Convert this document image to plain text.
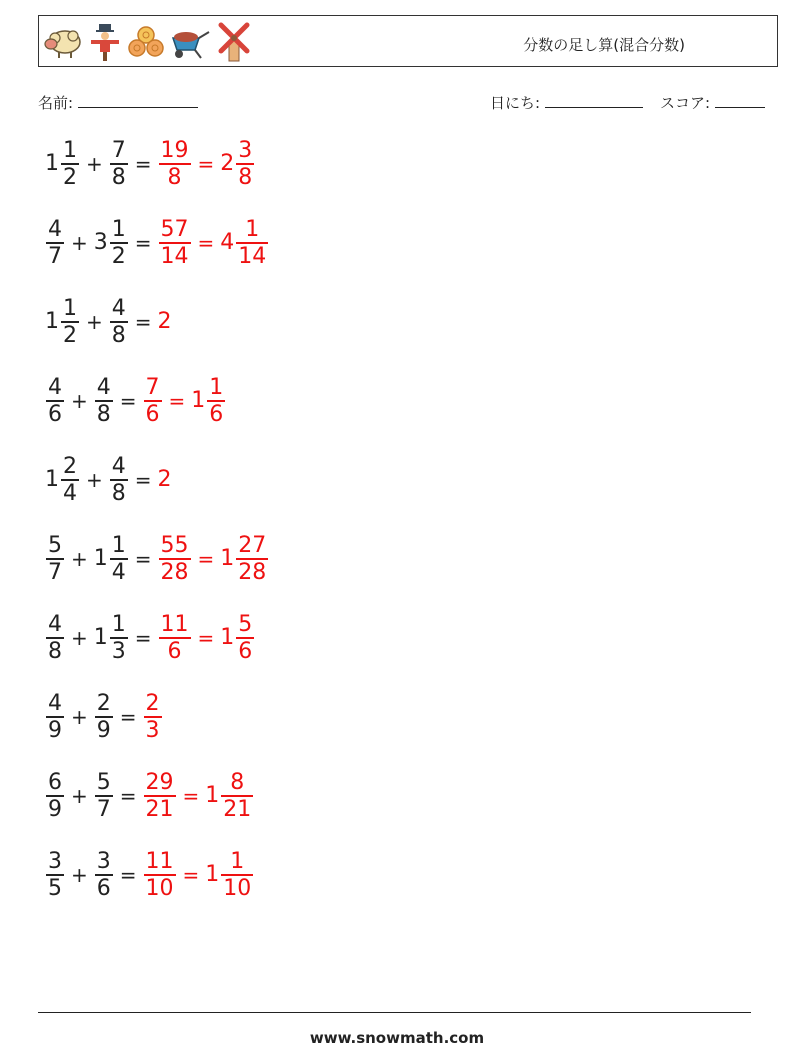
分数の足し算(混合分数)
名前:	日にち:	スコア:
$1 \frac{1}{2} + \frac{7}{8} = \frac{19}{8} = 2 \frac{3}{8}$
$\frac{4}{7} + 3 \frac{1}{2} = \frac{57}{14} = 4 \frac{1}{14}$
$1 \frac{1}{2} + \frac{4}{8} = 2$
$\frac{4}{6} + \frac{4}{8} = \frac{7}{6} = 1 \frac{1}{6}$
$1 \frac{2}{4} + \frac{4}{8} = 2$
$\frac{5}{7} + 1 \frac{1}{4} = \frac{55}{28} = 1 \frac{27}{28}$
$\frac{4}{8} + 1 \frac{1}{3} = \frac{11}{6} = 1 \frac{5}{6}$
$\frac{4}{9} + \frac{2}{9} = \frac{2}{3}$
$\frac{6}{9} + \frac{5}{7} = \frac{29}{21} = 1 \frac{8}{21}$
$\frac{3}{5} + \frac{3}{6} = \frac{11}{10} = 1 \frac{1}{10}$
www.snowmath.com
